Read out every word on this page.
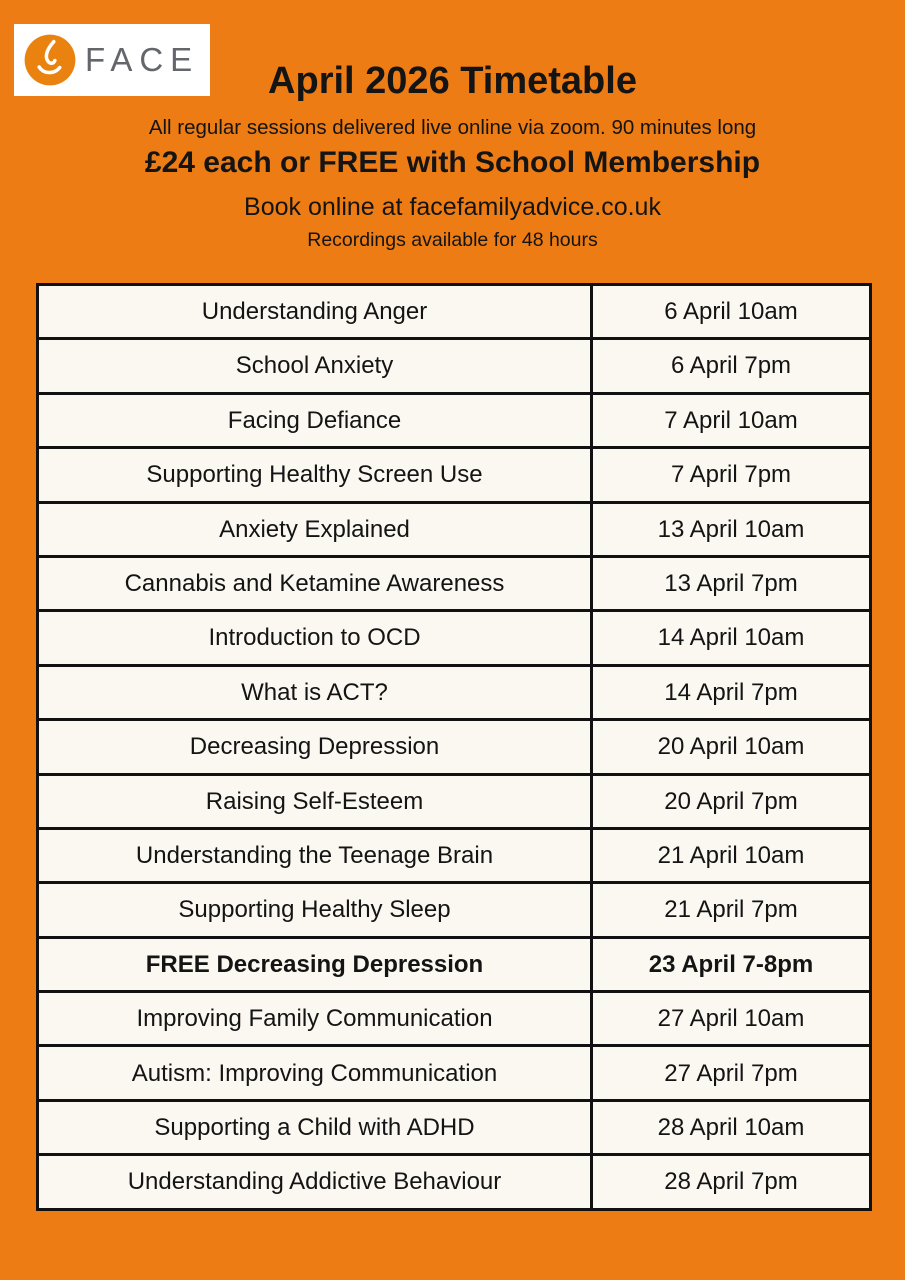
FACE
April 2026 Timetable
All regular sessions delivered live online via zoom. 90 minutes long
£24 each or FREE with School Membership
Book online at facefamilyadvice.co.uk
Recordings available for 48 hours
Understanding Anger	6 April 10am
School Anxiety	6 April 7pm
Facing Defiance	7 April 10am
Supporting Healthy Screen Use	7 April 7pm
Anxiety Explained	13 April 10am
Cannabis and Ketamine Awareness	13 April 7pm
Introduction to OCD	14 April 10am
What is ACT?	14 April 7pm
Decreasing Depression	20 April 10am
Raising Self-Esteem	20 April 7pm
Understanding the Teenage Brain	21 April 10am
Supporting Healthy Sleep	21 April 7pm
FREE Decreasing Depression	23 April 7-8pm
Improving Family Communication	27 April 10am
Autism: Improving Communication	27 April 7pm
Supporting a Child with ADHD	28 April 10am
Understanding Addictive Behaviour	28 April 7pm
